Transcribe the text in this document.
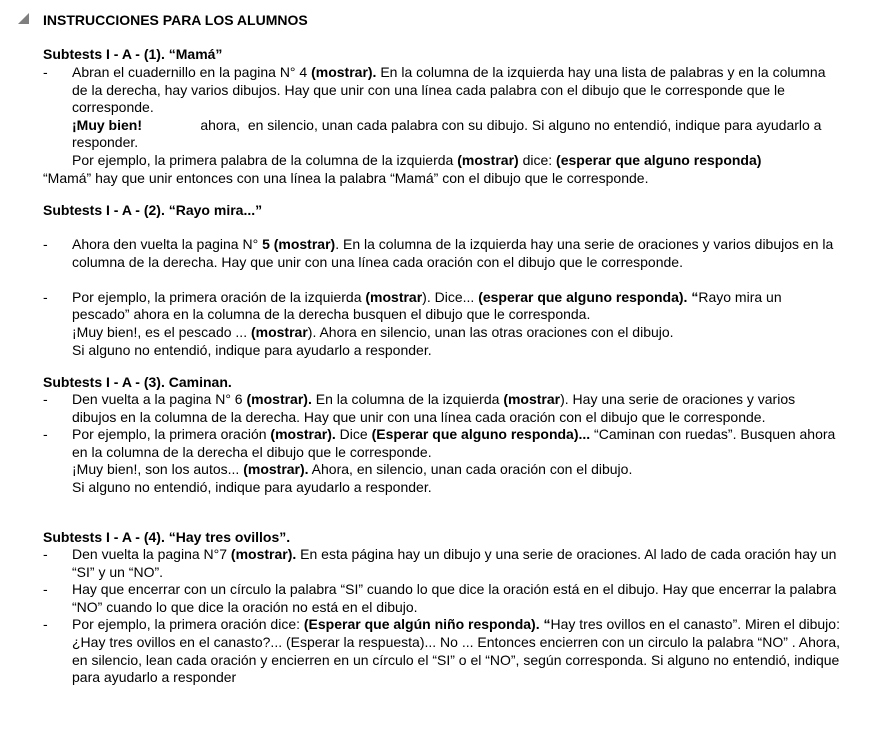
INSTRUCCIONES PARA LOS ALUMNOS
Subtests I - A - (1). “Mamá”
- Abran el cuadernillo en la pagina N° 4 (mostrar). En la columna de la izquierda hay una lista de palabras y en la columna de la derecha, hay varios dibujos. Hay que unir con una línea cada palabra con el dibujo que le corresponde que le corresponde.
¡Muy bien!               ahora,  en silencio, unan cada palabra con su dibujo. Si alguno no entendió, indique para ayudarlo a responder.
Por ejemplo, la primera palabra de la columna de la izquierda (mostrar) dice: (esperar que alguno responda)
“Mamá” hay que unir entonces con una línea la palabra “Mamá” con el dibujo que le corresponde.
Subtests I - A - (2). “Rayo mira...”
- Ahora den vuelta la pagina N° 5 (mostrar). En la columna de la izquierda hay una serie de oraciones y varios dibujos en la columna de la derecha. Hay que unir con una línea cada oración con el dibujo que le corresponde.
- Por ejemplo, la primera oración de la izquierda (mostrar). Dice... (esperar que alguno responda). “Rayo mira un pescado” ahora en la columna de la derecha busquen el dibujo que le corresponda.
¡Muy bien!, es el pescado ... (mostrar). Ahora en silencio, unan las otras oraciones con el dibujo.
Si alguno no entendió, indique para ayudarlo a responder.
Subtests I - A - (3). Caminan.
- Den vuelta a la pagina N° 6 (mostrar). En la columna de la izquierda (mostrar). Hay una serie de oraciones y varios dibujos en la columna de la derecha. Hay que unir con una línea cada oración con el dibujo que le corresponde.
- Por ejemplo, la primera oración (mostrar). Dice (Esperar que alguno responda)... “Caminan con ruedas”. Busquen ahora en la columna de la derecha el dibujo que le corresponde.
¡Muy bien!, son los autos... (mostrar). Ahora, en silencio, unan cada oración con el dibujo.
Si alguno no entendió, indique para ayudarlo a responder.
Subtests I - A - (4). “Hay tres ovillos”.
- Den vuelta la pagina N°7 (mostrar). En esta página hay un dibujo y una serie de oraciones. Al lado de cada oración hay un “SI” y un “NO”.
- Hay que encerrar con un círculo la palabra “SI” cuando lo que dice la oración está en el dibujo. Hay que encerrar la palabra “NO” cuando lo que dice la oración no está en el dibujo.
- Por ejemplo, la primera oración dice: (Esperar que algún niño responda). “Hay tres ovillos en el canasto”. Miren el dibujo: ¿Hay tres ovillos en el canasto?... (Esperar la respuesta)... No ... Entonces encierren con un circulo la palabra “NO” . Ahora, en silencio, lean cada oración y encierren en un círculo el “SI” o el “NO”, según corresponda. Si alguno no entendió, indique para ayudarlo a responder
